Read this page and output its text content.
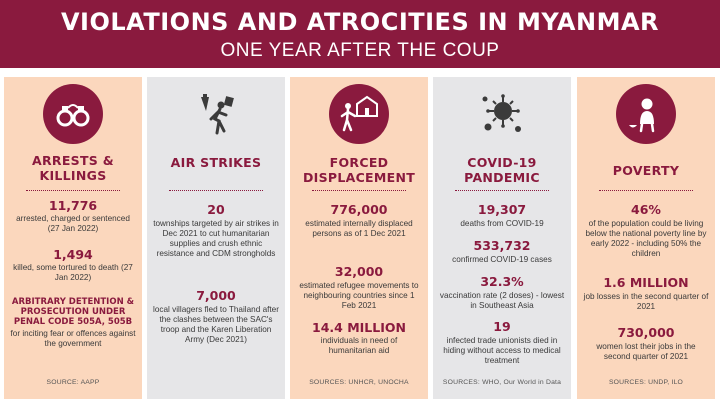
VIOLATIONS AND ATROCITIES IN MYANMAR
ONE YEAR AFTER THE COUP
ARRESTS & KILLINGS
11,776
arrested, charged or sentenced (27 Jan 2022)
1,494
killed, some tortured to death (27 Jan 2022)
ARBITRARY DETENTION & PROSECUTION UNDER PENAL CODE 505A, 505B
for inciting fear or offences against the government
SOURCE: AAPP
AIR STRIKES
20
townships targeted by air strikes in Dec 2021 to cut humanitarian supplies and crush ethnic resistance and CDM strongholds
7,000
local villagers fled to Thailand after the clashes between the SAC's troop and the Karen Liberation Army (Dec 2021)
FORCED DISPLACEMENT
776,000
estimated internally displaced persons as of 1 Dec 2021
32,000
estimated refugee movements to neighbouring countries since 1 Feb 2021
14.4 MILLION
individuals in need of humanitarian aid
SOURCES: UNHCR, UNOCHA
COVID-19 PANDEMIC
19,307
deaths from COVID-19
533,732
confirmed COVID-19 cases
32.3%
vaccination rate (2 doses) - lowest in Southeast Asia
19
infected trade unionists died in hiding without access to medical treatment
SOURCES: WHO, Our World in Data
POVERTY
46%
of the population could be living below the national poverty line by early 2022 - including 50% the children
1.6 MILLION
job losses in the second quarter of 2021
730,000
women lost their jobs in the second quarter of 2021
SOURCES: UNDP, ILO
